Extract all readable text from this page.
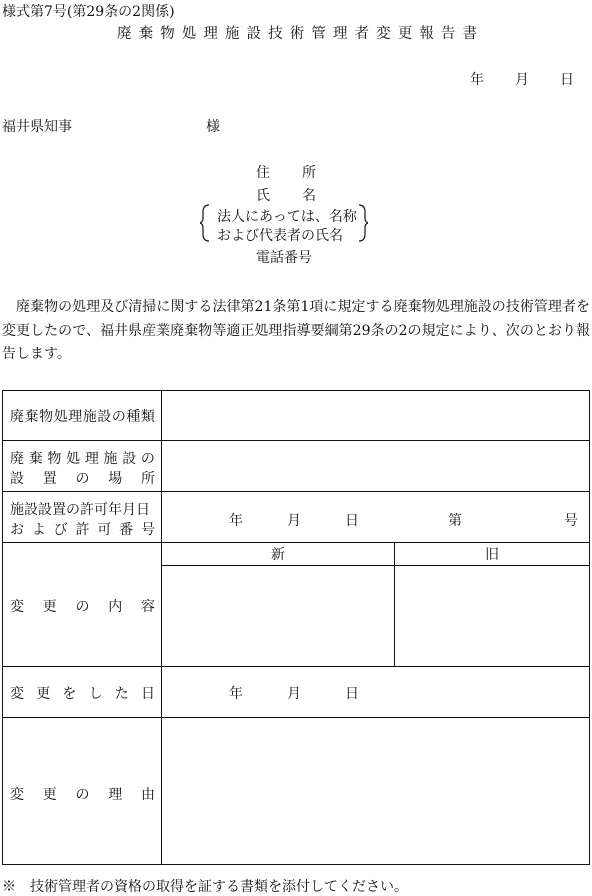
様式第7号(第29条の2関係)
廃 棄 物 処 理 施 設 技 術 管 理 者 変 更 報 告 書
年 月 日
福井県知事	様
住 所
氏 名
法人にあっては、名称
および代表者の氏名
電話番号
廃棄物の処理及び清掃に関する法律第21条第1項に規定する廃棄物処理施設の技術管理者を変更したので、福井県産業廃棄物等適正処理指導要綱第29条の2の規定により、次のとおり報告します。
廃 棄 物 処 理 施 設 の 種 類
廃 棄 物 処 理 施 設 の
設 置 の 場 所
施設設置の許可年月日
お よ び 許 可 番 号
年	月	日	第	号
変 更 の 内 容
新	旧
変 更 を し た 日	年	月	日
変 更 の 理 由
※　技術管理者の資格の取得を証する書類を添付してください。
